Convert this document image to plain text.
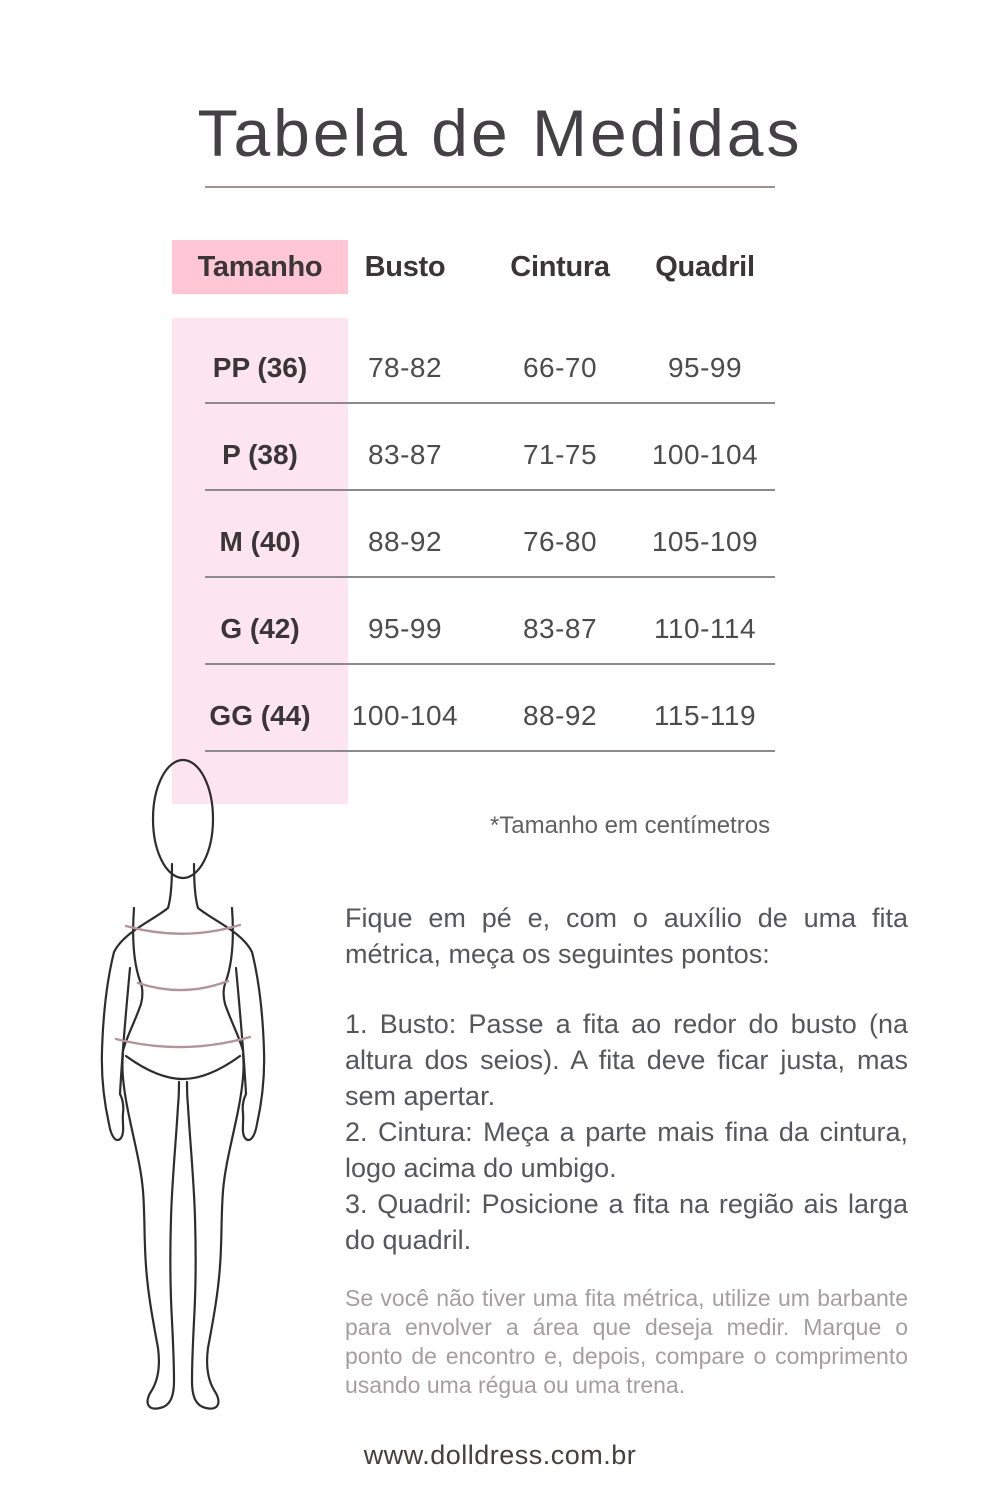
Tabela de Medidas
Tamanho	Busto	Cintura	Quadril
PP (36)	78-82	66-70	95-99
P (38)	83-87	71-75	100-104
M (40)	88-92	76-80	105-109
G (42)	95-99	83-87	110-114
GG (44)	100-104	88-92	115-119
*Tamanho em centímetros
Fique em pé e, com o auxílio de uma fita métrica, meça os seguintes pontos:

1. Busto: Passe a fita ao redor do busto (na altura dos seios). A fita deve ficar justa, mas sem apertar.

2. Cintura: Meça a parte mais fina da cintura, logo acima do umbigo.

3. Quadril: Posicione a fita na região ais larga do quadril.

Se você não tiver uma fita métrica, utilize um barbante para envolver a área que deseja medir. Marque o ponto de encontro e, depois, compare o comprimento usando uma régua ou uma trena.
www.dolldress.com.br
